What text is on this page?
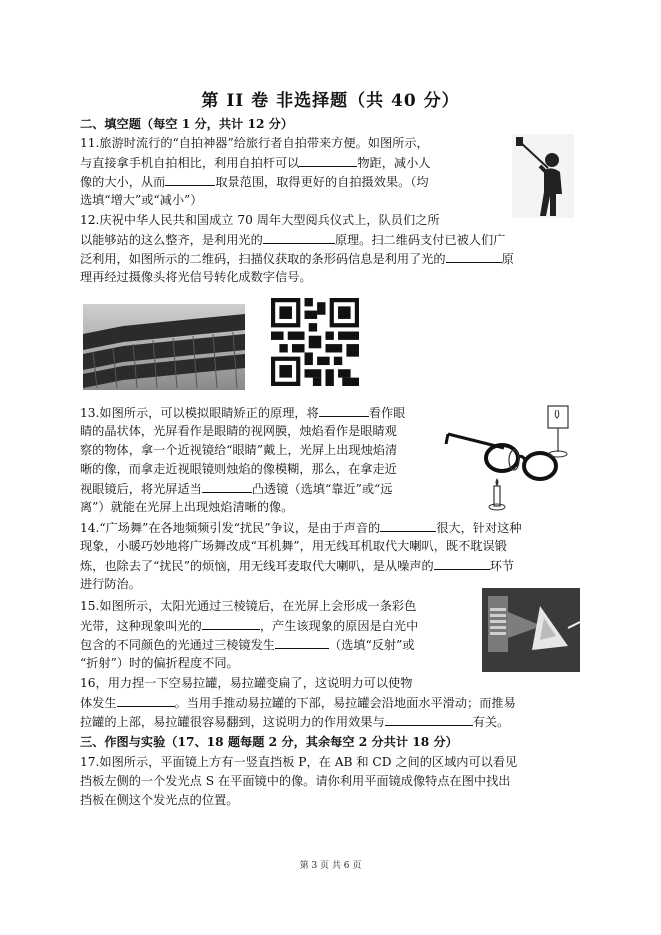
第 II 卷 非选择题（共 40 分）
二、填空题（每空 1 分，共计 12 分）
11.旅游时流行的“自拍神器”给旅行者自拍带来方便。如图所示，
与直接拿手机自拍相比，利用自拍杆可以	物距，减小人
像的大小，从而	取景范围，取得更好的自拍摄效果。（均
选填“增大”或“减小”）
12.庆祝中华人民共和国成立 70 周年大型阅兵仪式上，队员们之所
以能够站的这么整齐，是利用光的	原理。扫二维码支付已被人们广
泛利用，如图所示的二维码，扫描仪获取的条形码信息是利用了光的	原
理再经过摄像头将光信号转化成数字信号。
13.如图所示，可以模拟眼睛矫正的原理，将	看作眼
睛的晶状体，光屏看作是眼睛的视网膜，烛焰看作是眼睛观
察的物体，拿一个近视镜给“眼睛”戴上，光屏上出现烛焰清
晰的像，而拿走近视眼镜则烛焰的像模糊，那么，在拿走近
视眼镜后，将光屏适当	凸透镜（选填“靠近”或“远
离”）就能在光屏上出现烛焰清晰的像。
14.“广场舞”在各地频频引发“扰民”争议，是由于声音的	很大，针对这种
现象，小暖巧妙地将广场舞改成“耳机舞”，用无线耳机取代大喇叭，既不耽误锻
炼，也除去了“扰民”的烦恼，用无线耳麦取代大喇叭，是从噪声的	环节
进行防治。
15.如图所示，太阳光通过三棱镜后，在光屏上会形成一条彩色
光带，这种现象叫光的	，产生该现象的原因是白光中
包含的不同颜色的光通过三棱镜发生	（选填“反射”或
“折射”）时的偏折程度不同。
16，用力捏一下空易拉罐，易拉罐变扁了，这说明力可以使物
体发生	。当用手推动易拉罐的下部，易拉罐会沿地面水平滑动；而推易
拉罐的上部，易拉罐很容易翻到，这说明力的作用效果与	有关。
三、作图与实验（17、18 题每题 2 分，其余每空 2 分共计 18 分）
17.如图所示，平面镜上方有一竖直挡板 P，在 AB 和 CD 之间的区域内可以看见
挡板左侧的一个发光点 S 在平面镜中的像。请你利用平面镜成像特点在图中找出
挡板在侧这个发光点的位置。
第 3 页 共 6 页
